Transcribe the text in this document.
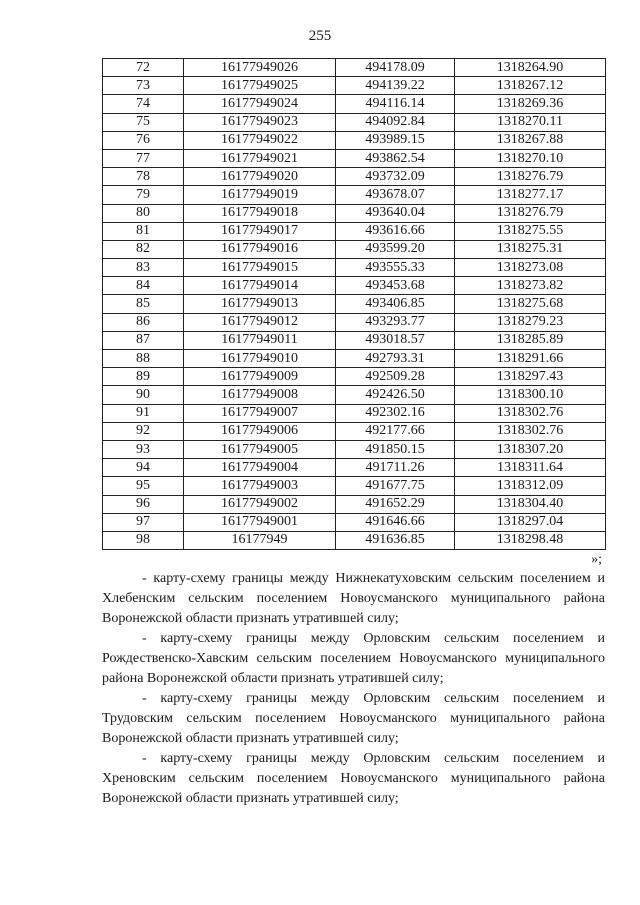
255
72	16177949026	494178.09	1318264.90
73	16177949025	494139.22	1318267.12
74	16177949024	494116.14	1318269.36
75	16177949023	494092.84	1318270.11
76	16177949022	493989.15	1318267.88
77	16177949021	493862.54	1318270.10
78	16177949020	493732.09	1318276.79
79	16177949019	493678.07	1318277.17
80	16177949018	493640.04	1318276.79
81	16177949017	493616.66	1318275.55
82	16177949016	493599.20	1318275.31
83	16177949015	493555.33	1318273.08
84	16177949014	493453.68	1318273.82
85	16177949013	493406.85	1318275.68
86	16177949012	493293.77	1318279.23
87	16177949011	493018.57	1318285.89
88	16177949010	492793.31	1318291.66
89	16177949009	492509.28	1318297.43
90	16177949008	492426.50	1318300.10
91	16177949007	492302.16	1318302.76
92	16177949006	492177.66	1318302.76
93	16177949005	491850.15	1318307.20
94	16177949004	491711.26	1318311.64
95	16177949003	491677.75	1318312.09
96	16177949002	491652.29	1318304.40
97	16177949001	491646.66	1318297.04
98	16177949	491636.85	1318298.48
»;

- карту-схему границы между Нижнекатуховским сельским поселением и Хлебенским сельским поселением Новоусманского муниципального района Воронежской области признать утратившей силу;

- карту-схему границы между Орловским сельским поселением и Рождественско-Хавским сельским поселением Новоусманского муниципального района Воронежской области признать утратившей силу;

- карту-схему границы между Орловским сельским поселением и Трудовским сельским поселением Новоусманского муниципального района Воронежской области признать утратившей силу;

- карту-схему границы между Орловским сельским поселением и Хреновским сельским поселением Новоусманского муниципального района Воронежской области признать утратившей силу;
